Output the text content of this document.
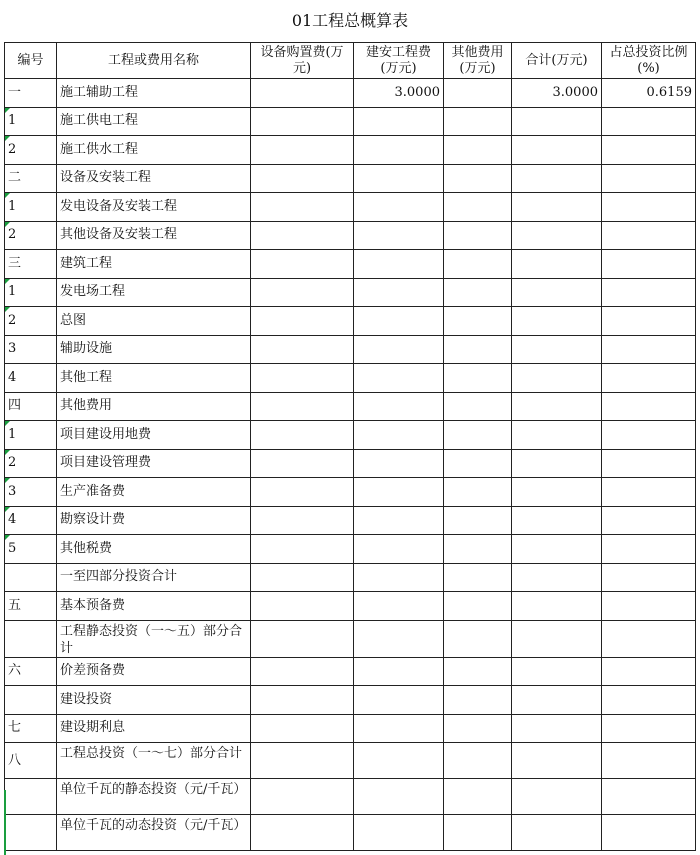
01工程总概算表
编号	工程或费用名称	设备购置费(万元)	建安工程费(万元)	其他费用(万元)	合计(万元)	占总投资比例(%)
一	施工辅助工程		3.0000		3.0000	0.6159
1	施工供电工程					
2	施工供水工程					
二	设备及安装工程					
1	发电设备及安装工程					
2	其他设备及安装工程					
三	建筑工程					
1	发电场工程					
2	总图					
3	辅助设施					
4	其他工程					
四	其他费用					
1	项目建设用地费					
2	项目建设管理费					
3	生产准备费					
4	勘察设计费					
5	其他税费					
	一至四部分投资合计					
五	基本预备费					
	工程静态投资（一～五）部分合计					
六	价差预备费					
	建设投资					
七	建设期利息					
八	工程总投资（一～七）部分合计					
	单位千瓦的静态投资（元/千瓦）					
	单位千瓦的动态投资（元/千瓦）					
